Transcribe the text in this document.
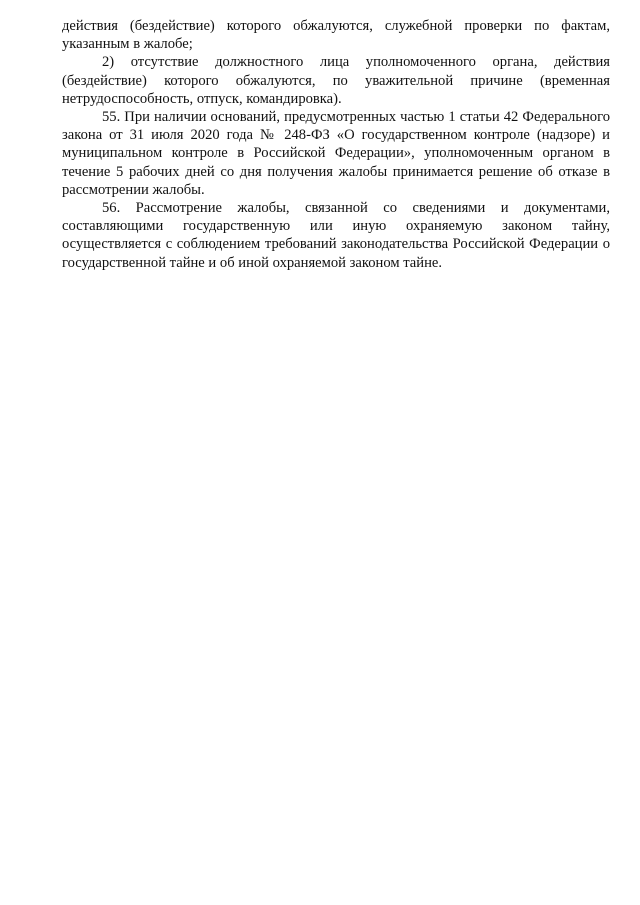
действия (бездействие) которого обжалуются, служебной проверки по фактам, указанным в жалобе;

2) отсутствие должностного лица уполномоченного органа, действия (бездействие) которого обжалуются, по уважительной причине (временная нетрудоспособность, отпуск, командировка).

55. При наличии оснований, предусмотренных частью 1 статьи 42 Федерального закона от 31 июля 2020 года № 248-ФЗ «О государственном контроле (надзоре) и муниципальном контроле в Российской Федерации», уполномоченным органом в течение 5 рабочих дней со дня получения жалобы принимается решение об отказе в рассмотрении жалобы.

56. Рассмотрение жалобы, связанной со сведениями и документами, составляющими государственную или иную охраняемую законом тайну, осуществляется с соблюдением требований законодательства Российской Федерации о государственной тайне и об иной охраняемой законом тайне.
